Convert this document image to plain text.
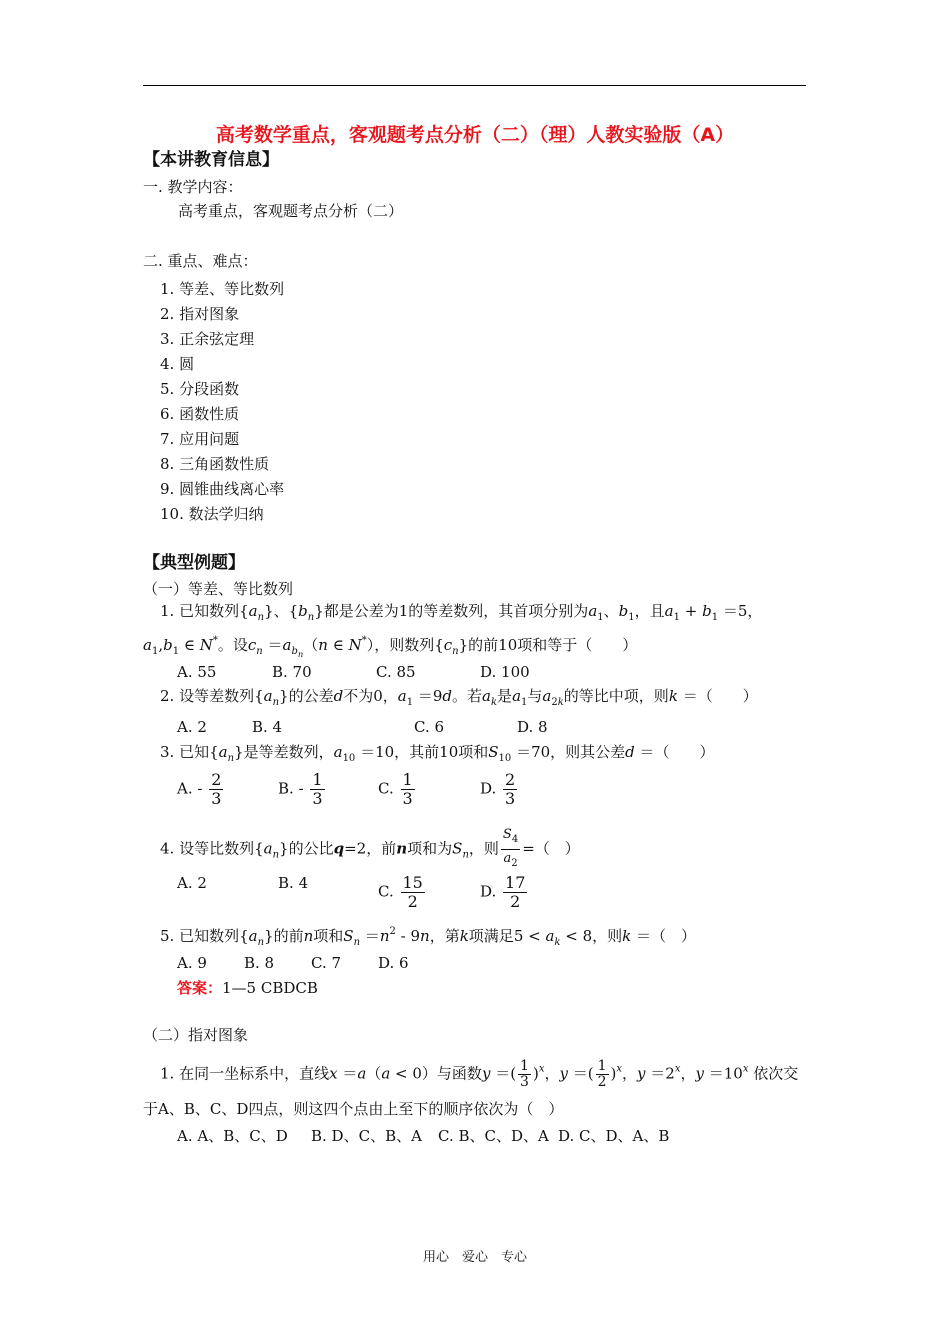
高考数学重点，客观题考点分析（二）（理）人教实验版（A）
【本讲教育信息】
一. 教学内容：
高考重点，客观题考点分析（二）
二. 重点、难点：
1. 等差、等比数列
2. 指对图象
3. 正余弦定理
4. 圆
5. 分段函数
6. 函数性质
7. 应用问题
8. 三角函数性质
9. 圆锥曲线离心率
10. 数法学归纳
【典型例题】
（一）等差、等比数列
1. 已知数列$\{a_n\}$、$\{b_n\}$都是公差为1的等差数列，其首项分别为$a_1$、$b_1$，且$a_1 + b_1 =5$，
$a_1,b_1$ ∈ N*。设$c_n =a_{b_n}(n$ ∈ N*），则数列$\{c_n\}$的前10项和等于（　　）
A. 55	B. 70	C. 85	D. 100
2. 设等差数列$\{a_n\}$的公差d不为0，$a_1 =9d$。若$a_k$是$a_1$与$a_{2k}$的等比中项，则k ＝（　　）
A. 2	B. 4	C. 6	D. 8
3. 已知$\{a_n\}$是等差数列，$a_{10} =10$，其前10项和$S_{10} =70$，则其公差d ＝（　　）
A. - $\frac{2}{3}$	B. - $\frac{1}{3}$	C. $\frac{1}{3}$	D. $\frac{2}{3}$
4. 设等比数列$\{a_n\}$的公比q=2，前n项和为$S_n$，则 $\frac{S_4}{a_2}$ =（　）
A. 2	B. 4	C. $\frac{15}{2}$	D. $\frac{17}{2}$
5. 已知数列$\{a_n\}$的前n项和$S_n =n^2 - 9n$，第k项满足$5 < a_k < 8$，则k ＝（　）
A. 9 B. 8 C. 7 D. 6
答案：1—5 CBDCB
（二）指对图象
1. 在同一坐标系中，直线x ＝a（a < 0）与函数y ＝( $\frac{1}{3} )^x$，y ＝( $\frac{1}{2} )^x$，$y =2^x$，$y =10^x$ 依次交
于A、B、C、D四点，则这四个点由上至下的顺序依次为（　）
A. A、B、C、D B. D、C、B、A C. B、C、D、A D. C、D、A、B
用心　爱心　专心
